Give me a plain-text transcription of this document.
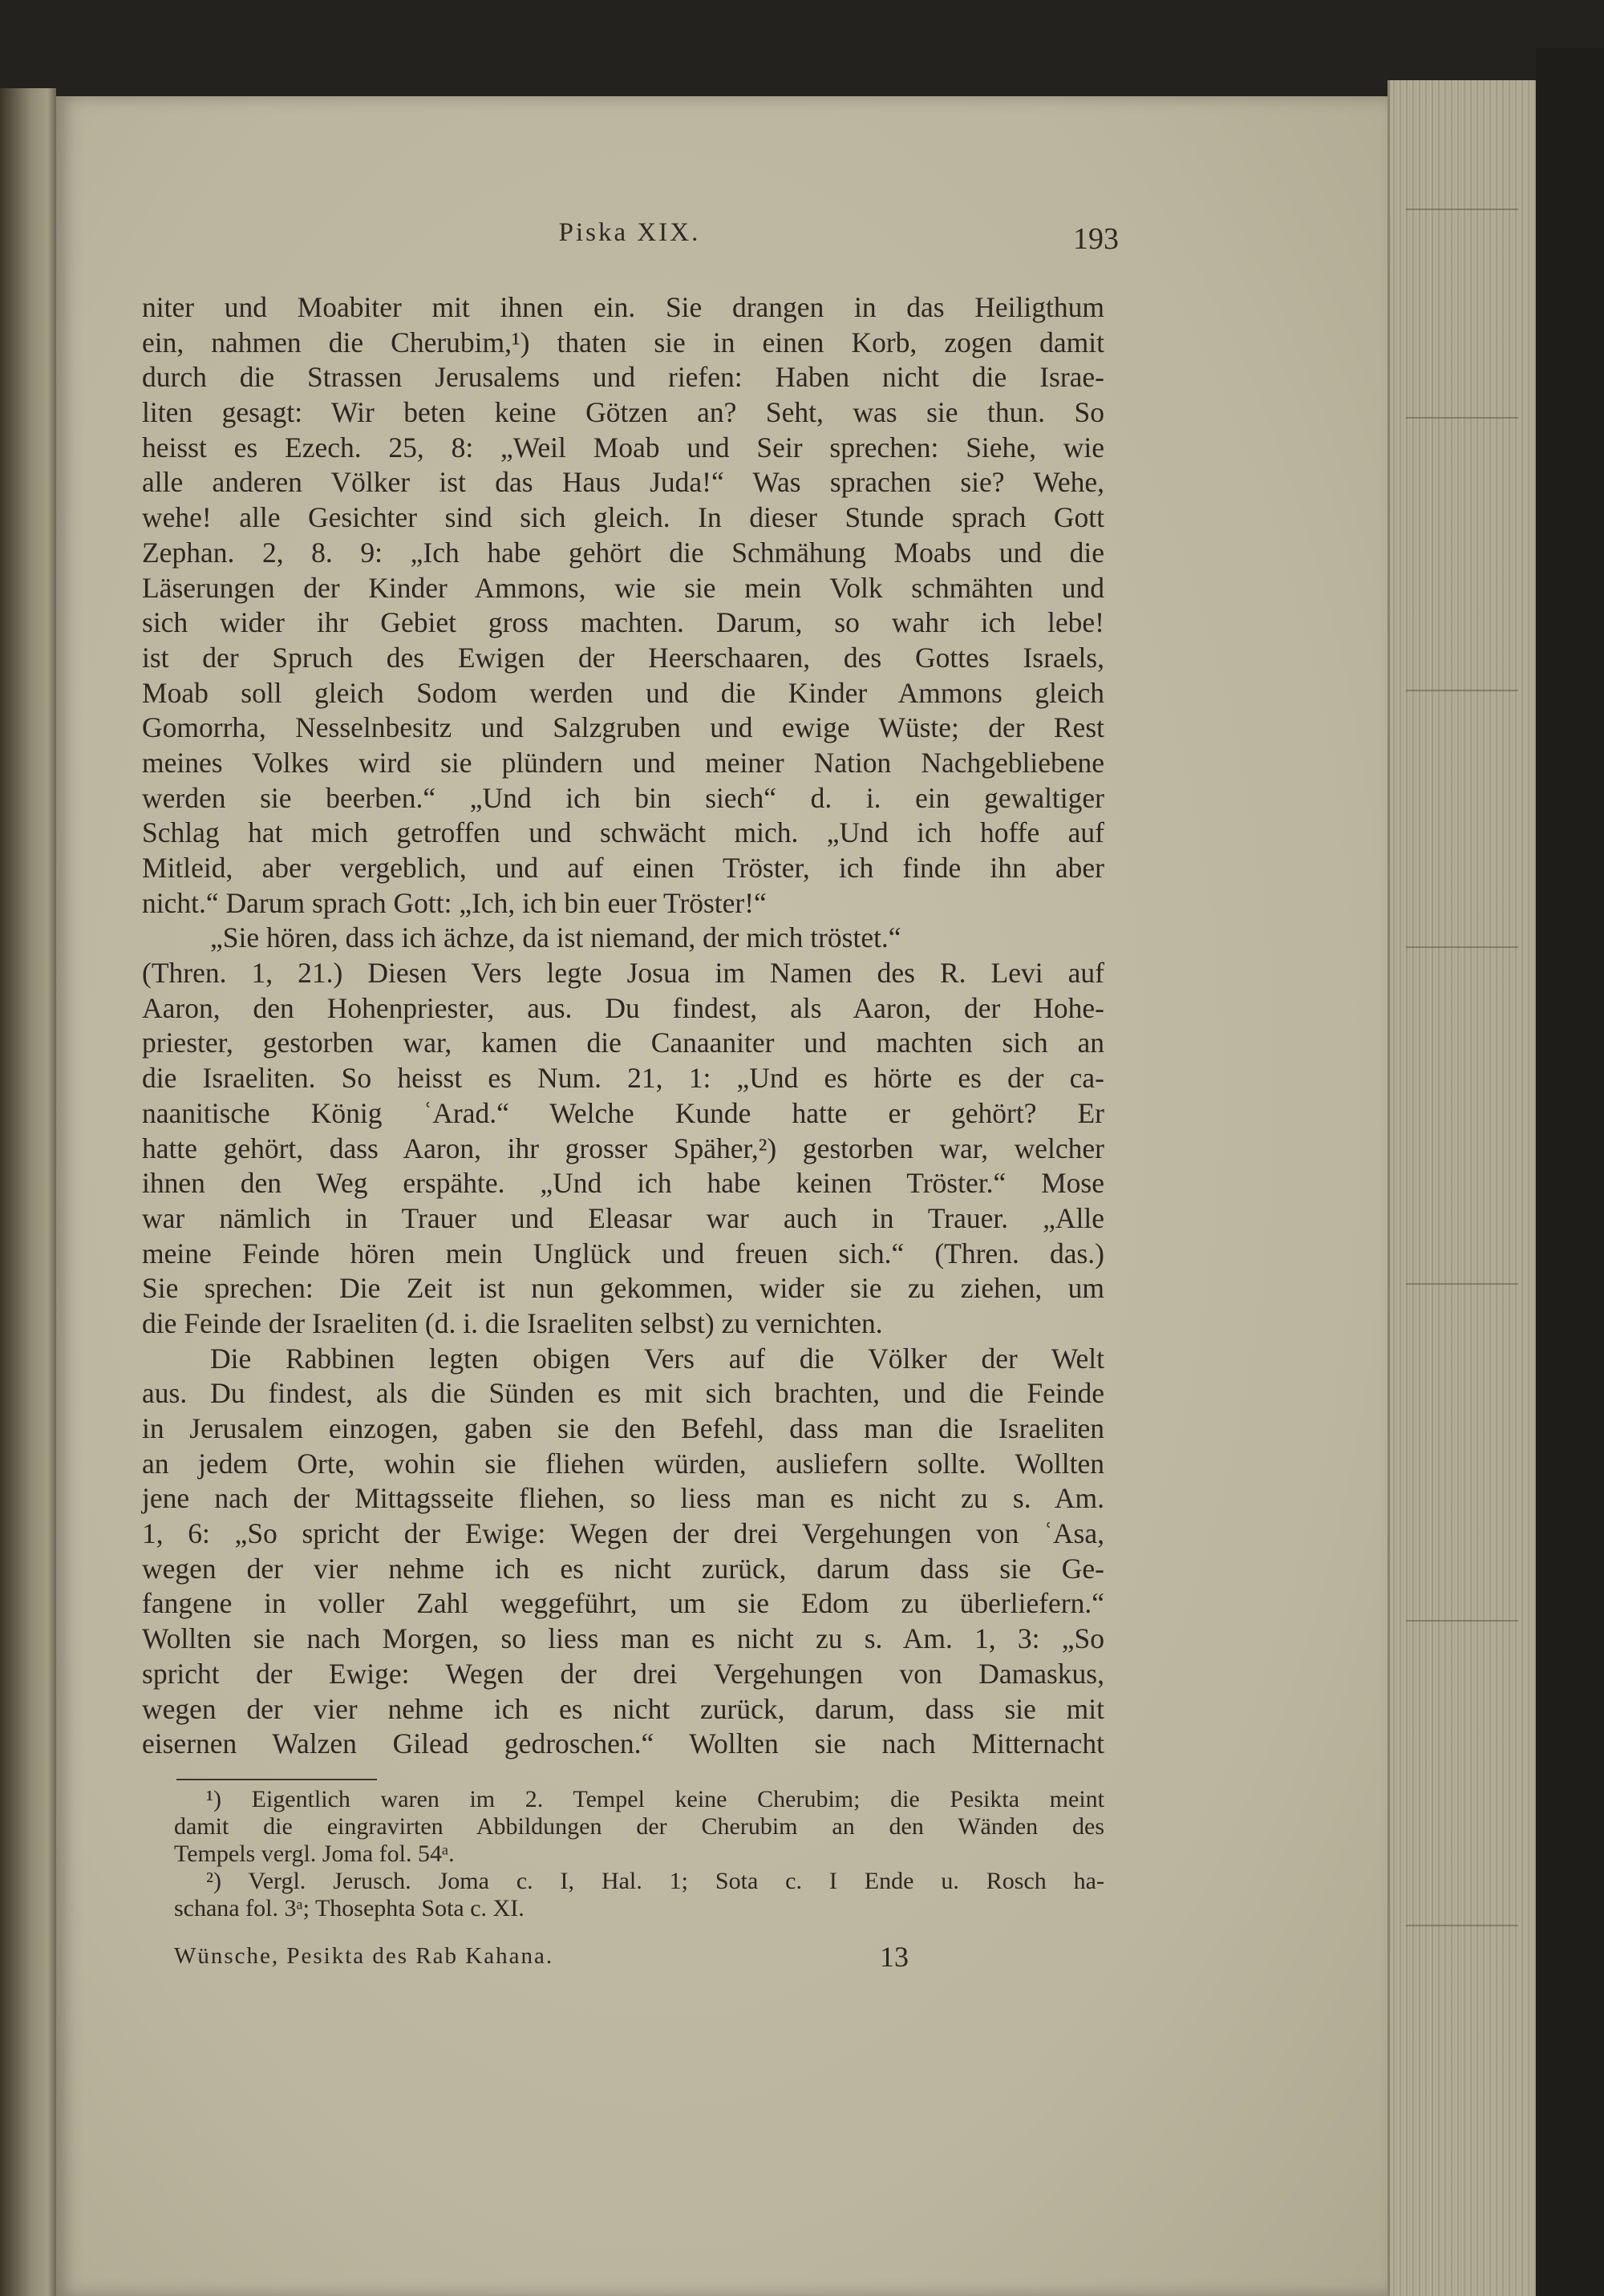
Piska XIX.	193
niter und Moabiter mit ihnen ein. Sie drangen in das Heiligthum
ein, nahmen die Cherubim,¹) thaten sie in einen Korb, zogen damit
durch die Strassen Jerusalems und riefen: Haben nicht die Israe-
liten gesagt: Wir beten keine Götzen an? Seht, was sie thun. So
heisst es Ezech. 25, 8: „Weil Moab und Seir sprechen: Siehe, wie
alle anderen Völker ist das Haus Juda!“ Was sprachen sie? Wehe,
wehe! alle Gesichter sind sich gleich. In dieser Stunde sprach Gott
Zephan. 2, 8. 9: „Ich habe gehört die Schmähung Moabs und die
Läserungen der Kinder Ammons, wie sie mein Volk schmähten und
sich wider ihr Gebiet gross machten. Darum, so wahr ich lebe!
ist der Spruch des Ewigen der Heerschaaren, des Gottes Israels,
Moab soll gleich Sodom werden und die Kinder Ammons gleich
Gomorrha, Nesselnbesitz und Salzgruben und ewige Wüste; der Rest
meines Volkes wird sie plündern und meiner Nation Nachgebliebene
werden sie beerben.“ „Und ich bin siech“ d. i. ein gewaltiger
Schlag hat mich getroffen und schwächt mich. „Und ich hoffe auf
Mitleid, aber vergeblich, und auf einen Tröster, ich finde ihn aber
nicht.“ Darum sprach Gott: „Ich, ich bin euer Tröster!“
„Sie hören, dass ich ächze, da ist niemand, der mich tröstet.“
(Thren. 1, 21.) Diesen Vers legte Josua im Namen des R. Levi auf
Aaron, den Hohenpriester, aus. Du findest, als Aaron, der Hohe-
priester, gestorben war, kamen die Canaaniter und machten sich an
die Israeliten. So heisst es Num. 21, 1: „Und es hörte es der ca-
naanitische König ʿArad.“ Welche Kunde hatte er gehört? Er
hatte gehört, dass Aaron, ihr grosser Späher,²) gestorben war, welcher
ihnen den Weg erspähte. „Und ich habe keinen Tröster.“ Mose
war nämlich in Trauer und Eleasar war auch in Trauer. „Alle
meine Feinde hören mein Unglück und freuen sich.“ (Thren. das.)
Sie sprechen: Die Zeit ist nun gekommen, wider sie zu ziehen, um
die Feinde der Israeliten (d. i. die Israeliten selbst) zu vernichten.
Die Rabbinen legten obigen Vers auf die Völker der Welt
aus. Du findest, als die Sünden es mit sich brachten, und die Feinde
in Jerusalem einzogen, gaben sie den Befehl, dass man die Israeliten
an jedem Orte, wohin sie fliehen würden, ausliefern sollte. Wollten
jene nach der Mittagsseite fliehen, so liess man es nicht zu s. Am.
1, 6: „So spricht der Ewige: Wegen der drei Vergehungen von ʿAsa,
wegen der vier nehme ich es nicht zurück, darum dass sie Ge-
fangene in voller Zahl weggeführt, um sie Edom zu überliefern.“
Wollten sie nach Morgen, so liess man es nicht zu s. Am. 1, 3: „So
spricht der Ewige: Wegen der drei Vergehungen von Damaskus,
wegen der vier nehme ich es nicht zurück, darum, dass sie mit
eisernen Walzen Gilead gedroschen.“ Wollten sie nach Mitternacht
¹) Eigentlich waren im 2. Tempel keine Cherubim; die Pesikta meint
damit die eingravirten Abbildungen der Cherubim an den Wänden des
Tempels vergl. Joma fol. 54ᵃ.
²) Vergl. Jerusch. Joma c. I, Hal. 1; Sota c. I Ende u. Rosch ha-
schana fol. 3ᵃ; Thosephta Sota c. XI.
Wünsche, Pesikta des Rab Kahana.	13
